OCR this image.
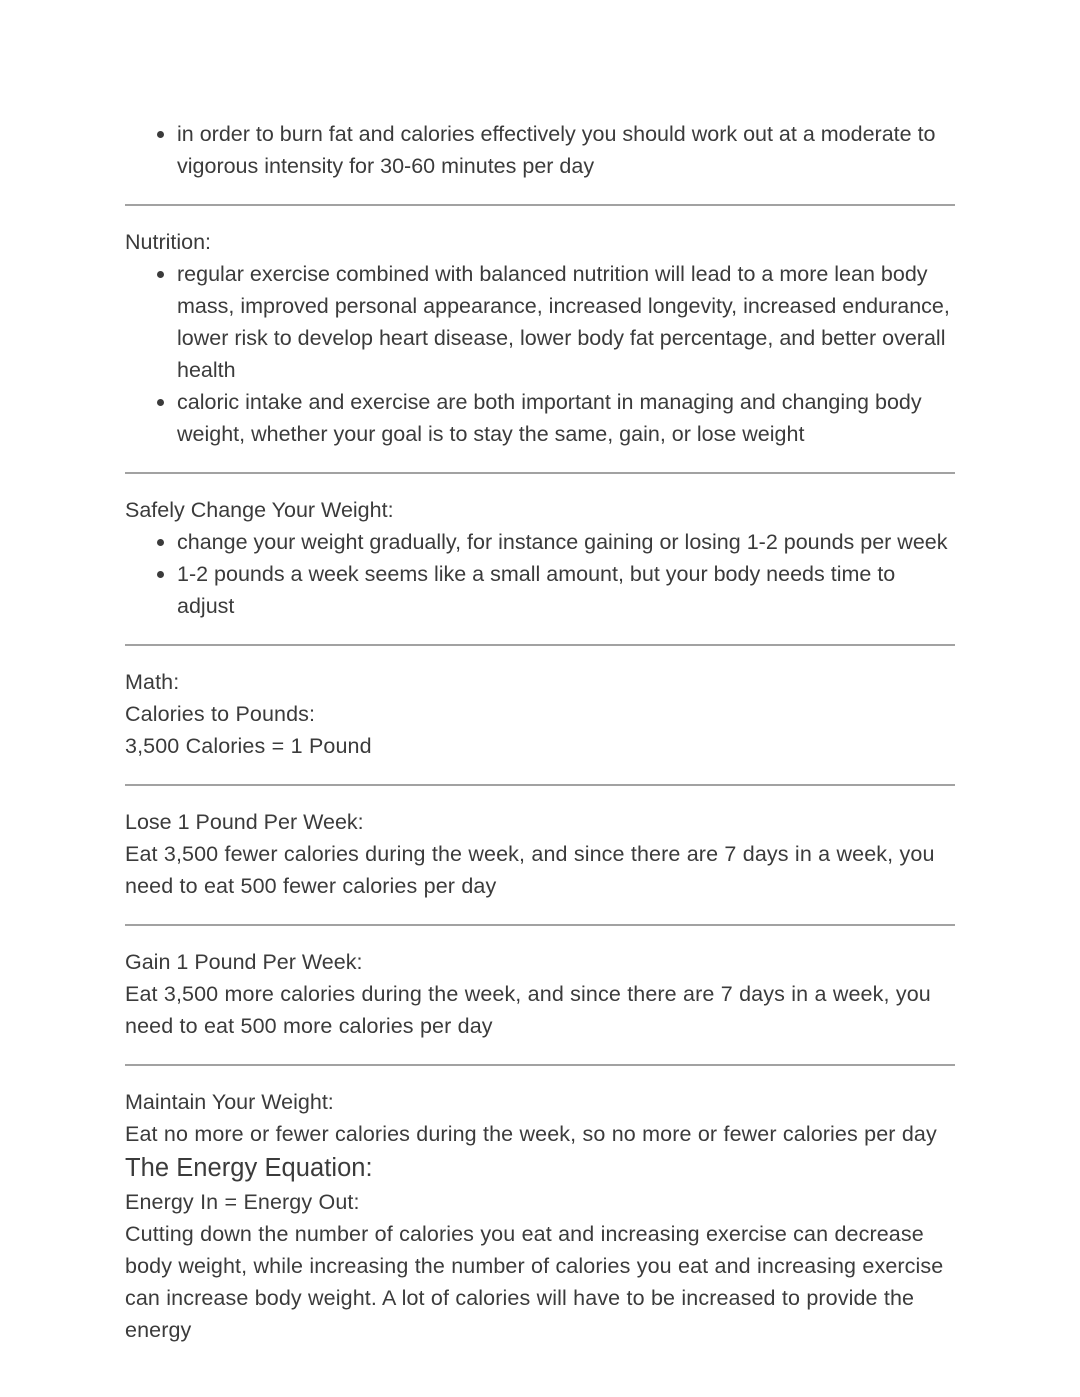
in order to burn fat and calories effectively you should work out at a moderate to vigorous intensity for 30-60 minutes per day

Nutrition:

regular exercise combined with balanced nutrition will lead to a more lean body mass, improved personal appearance, increased longevity, increased endurance, lower risk to develop heart disease, lower body fat percentage, and better overall health
caloric intake and exercise are both important in managing and changing body weight, whether your goal is to stay the same, gain, or lose weight

Safely Change Your Weight:

change your weight gradually, for instance gaining or losing 1-2 pounds per week
1-2 pounds a week seems like a small amount, but your body needs time to adjust

Math:

Calories to Pounds:

3,500 Calories = 1 Pound

Lose 1 Pound Per Week:

Eat 3,500 fewer calories during the week, and since there are 7 days in a week, you need to eat 500 fewer calories per day

Gain 1 Pound Per Week:

Eat 3,500 more calories during the week, and since there are 7 days in a week, you need to eat 500 more calories per day

Maintain Your Weight:

Eat no more or fewer calories during the week, so no more or fewer calories per day

The Energy Equation:

Energy In = Energy Out:

Cutting down the number of calories you eat and increasing exercise can decrease body weight, while increasing the number of calories you eat and increasing exercise can increase body weight. A lot of calories will have to be increased to provide the energy
